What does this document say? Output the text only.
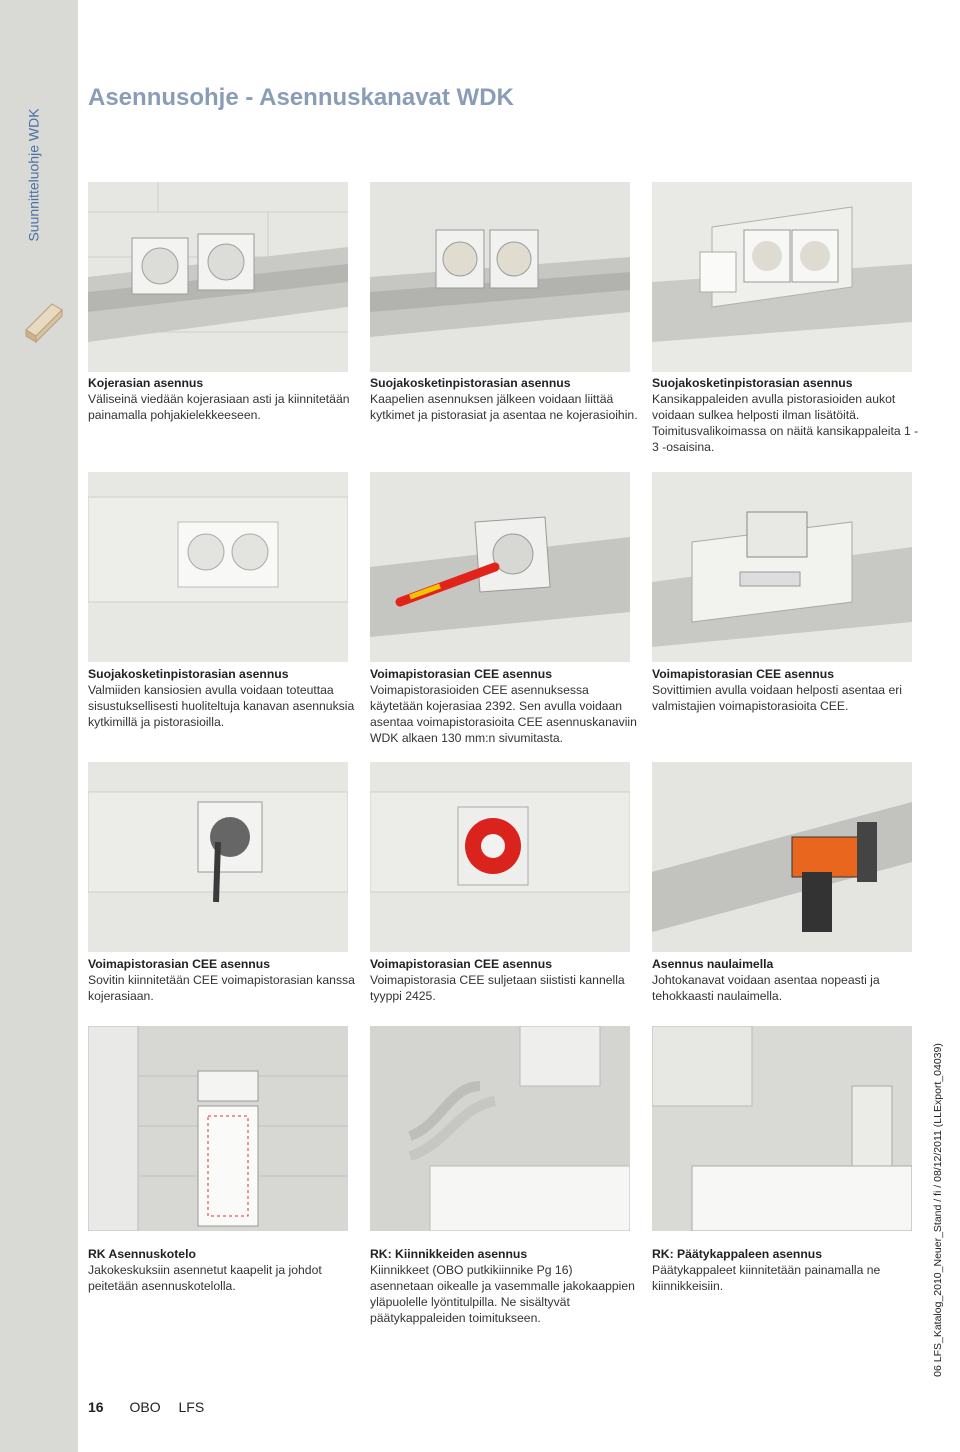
Suunnitteluohje WDK
Asennusohje - Asennuskanavat WDK
Kojerasian asennus

Väliseinä viedään kojerasiaan asti ja kiinnitetään painamalla pohjakielekkeeseen.

Suojakosketinpistorasian asennus

Kaapelien asennuksen jälkeen voidaan liittää kytkimet ja pistorasiat ja asentaa ne kojerasioihin.

Suojakosketinpistorasian asennus

Kansikappaleiden avulla pistorasioiden aukot voidaan sulkea helposti ilman lisätöitä. Toimitusvalikoimassa on näitä kansikappaleita 1 - 3 -osaisina.

Suojakosketinpistorasian asennus

Valmiiden kansiosien avulla voidaan toteuttaa sisustuksellisesti huoliteltuja kanavan asennuksia kytkimillä ja pistorasioilla.

Voimapistorasian CEE asennus

Voimapistorasioiden CEE asennuksessa käytetään kojerasiaa 2392. Sen avulla voidaan asentaa voimapistorasioita CEE asennuskanaviin WDK alkaen 130 mm:n sivumitasta.

Voimapistorasian CEE asennus

Sovittimien avulla voidaan helposti asentaa eri valmistajien voimapistorasioita CEE.

Voimapistorasian CEE asennus

Sovitin kiinnitetään CEE voimapistorasian kanssa kojerasiaan.

Voimapistorasian CEE asennus

Voimapistorasia CEE suljetaan siististi kannella tyyppi 2425.

Asennus naulaimella

Johtokanavat voidaan asentaa nopeasti ja tehokkaasti naulaimella.

RK Asennuskotelo

Jakokeskuksiin asennetut kaapelit ja johdot peitetään asennuskotelolla.

RK: Kiinnikkeiden asennus

Kiinnikkeet (OBO putkikiinnike Pg 16) asennetaan oikealle ja vasemmalle jakokaappien yläpuolelle lyöntitulpilla. Ne sisältyvät päätykappaleiden toimitukseen.

RK: Päätykappaleen asennus

Päätykappaleet kiinnitetään painamalla ne kiinnikkeisiin.	06 LFS_Katalog_2010_Neuer_Stand / fi / 08/12/2011 (LLExport_04039)
16 OBO LFS
